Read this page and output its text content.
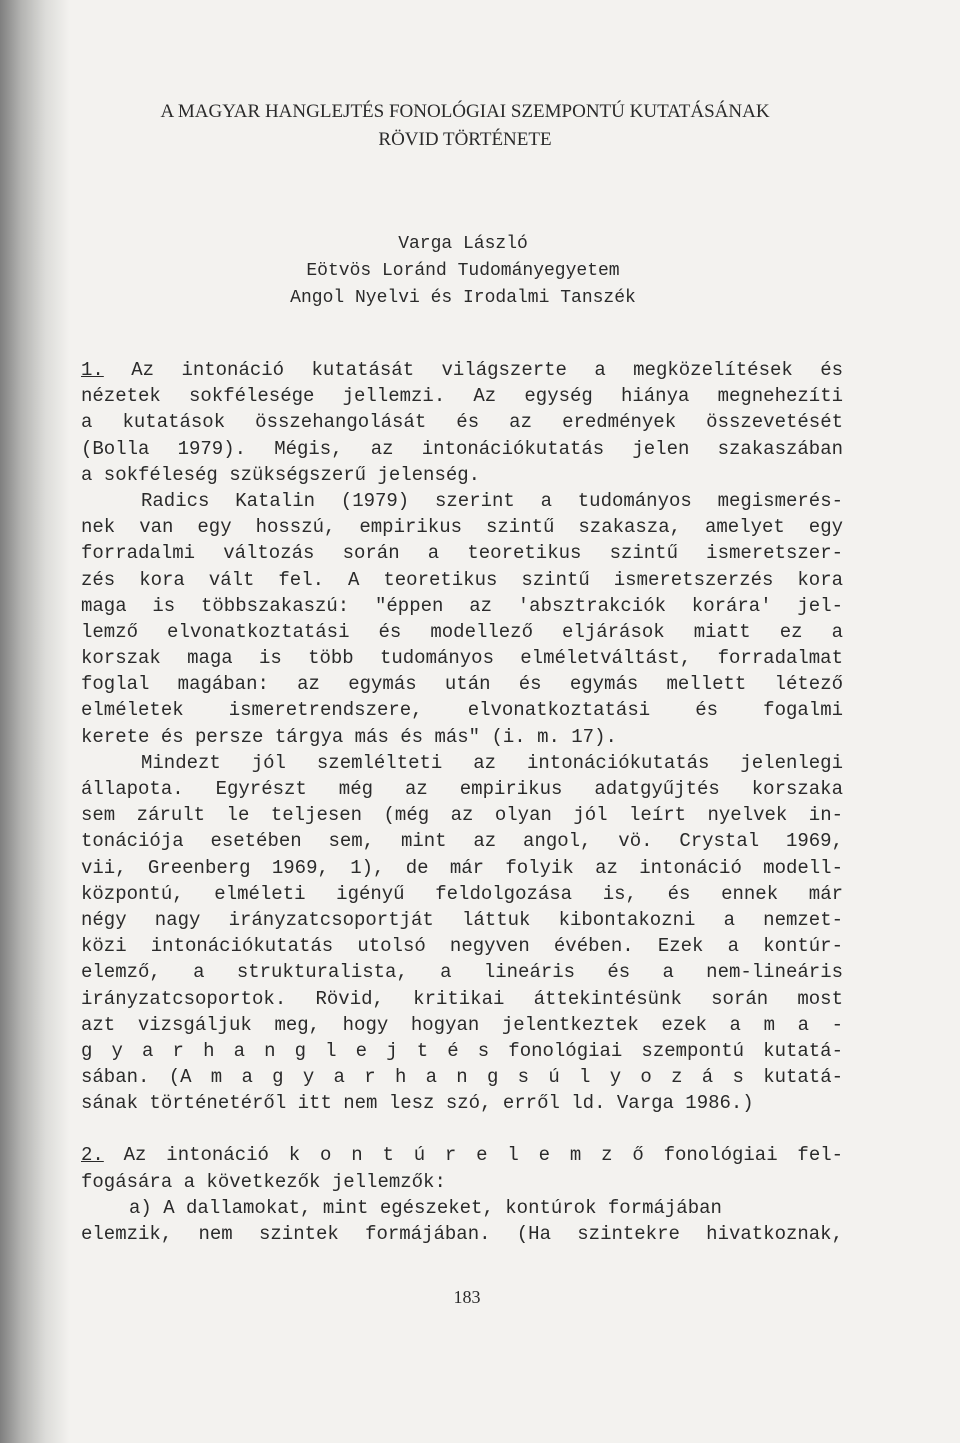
A MAGYAR HANGLEJTÉS FONOLÓGIAI SZEMPONTÚ KUTATÁSÁNAK
RÖVID TÖRTÉNETE
Varga László
Eötvös Loránd Tudományegyetem
Angol Nyelvi és Irodalmi Tanszék
1. Az intonáció kutatását világszerte a megközelítések és
nézetek sokfélesége jellemzi. Az egység hiánya megnehezíti
a kutatások összehangolását és az eredmények összevetését
(Bolla 1979). Mégis, az intonációkutatás jelen szakaszában
a sokféleség szükségszerű jelenség.
Radics Katalin (1979) szerint a tudományos megismerés-
nek van egy hosszú, empirikus szintű szakasza, amelyet egy
forradalmi változás során a teoretikus szintű ismeretszer-
zés kora vált fel. A teoretikus szintű ismeretszerzés kora
maga is többszakaszú: "éppen az 'absztrakciók korára' jel-
lemző elvonatkoztatási és modellező eljárások miatt ez a
korszak maga is több tudományos elméletváltást, forradalmat
foglal magában: az egymás után és egymás mellett létező
elméletek ismeretrendszere, elvonatkoztatási és fogalmi
kerete és persze tárgya más és más" (i. m. 17).
Mindezt jól szemlélteti az intonációkutatás jelenlegi
állapota. Egyrészt még az empirikus adatgyűjtés korszaka
sem zárult le teljesen (még az olyan jól leírt nyelvek in-
tonációja esetében sem, mint az angol, vö. Crystal 1969,
vii, Greenberg 1969, 1), de már folyik az intonáció modell-
központú, elméleti igényű feldolgozása is, és ennek már
négy nagy irányzatcsoportját láttuk kibontakozni a nemzet-
közi intonációkutatás utolsó negyven évében. Ezek a kontúr-
elemző, a strukturalista, a lineáris és a nem-lineáris
irányzatcsoportok. Rövid, kritikai áttekintésünk során most
azt vizsgáljuk meg, hogy hogyan jelentkeztek ezek a m a -
g y a r h a n g l e j t é s fonológiai szempontú kutatá-
sában. (A m a g y a r h a n g s ú l y o z á s kutatá-
sának történetéről itt nem lesz szó, erről ld. Varga 1986.)
2. Az intonáció k o n t ú r e l e m z ő fonológiai fel-
fogására a következők jellemzők:
a) A dallamokat, mint egészeket, kontúrok formájában
elemzik, nem szintek formájában. (Ha szintekre hivatkoznak,
183
